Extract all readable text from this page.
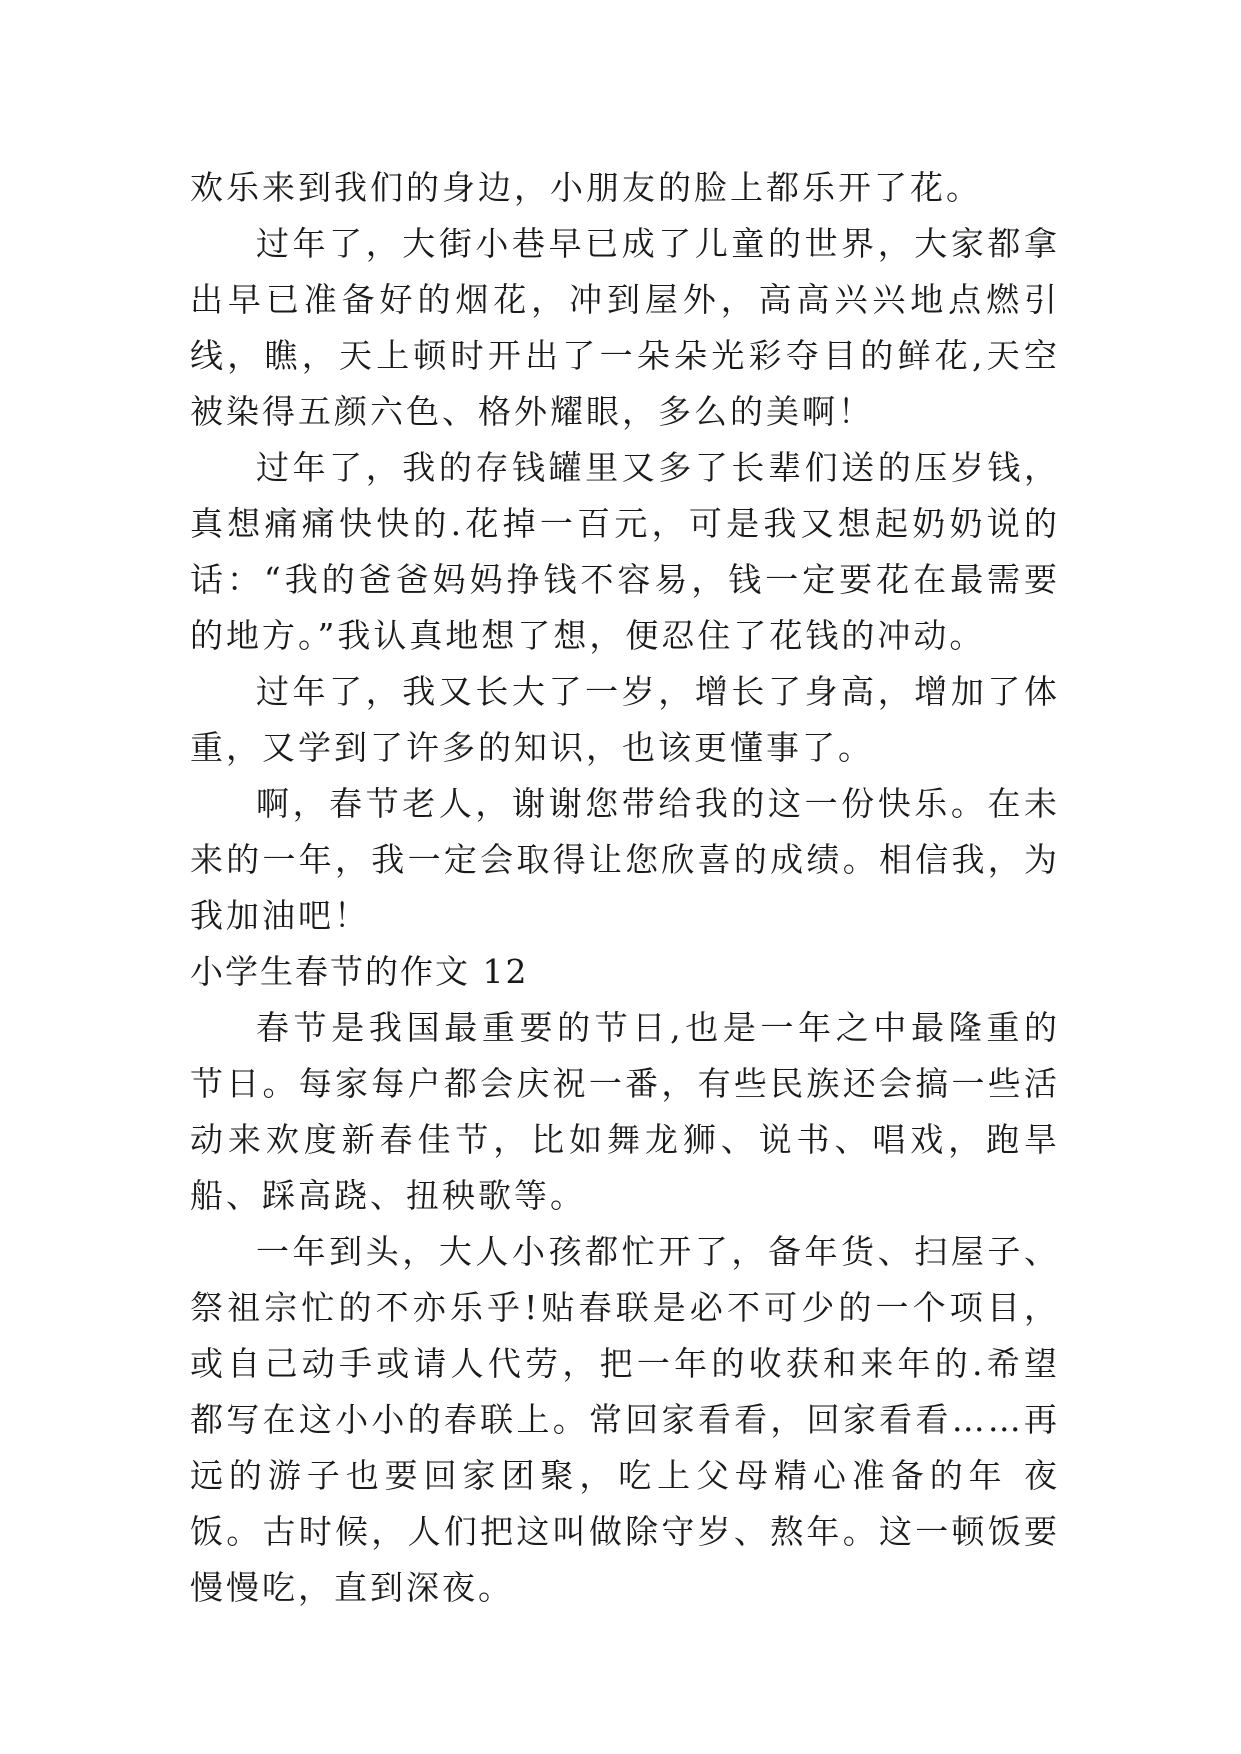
欢乐来到我们的身边，小朋友的脸上都乐开了花。

过年了，大街小巷早已成了儿童的世界，大家都拿出早已准备好的烟花，冲到屋外，高高兴兴地点燃引线，瞧，天上顿时开出了一朵朵光彩夺目的鲜花,天空被染得五颜六色、格外耀眼，多么的美啊！

过年了，我的存钱罐里又多了长辈们送的压岁钱，真想痛痛快快的.花掉一百元，可是我又想起奶奶说的话：“我的爸爸妈妈挣钱不容易，钱一定要花在最需要的地方。”我认真地想了想，便忍住了花钱的冲动。

过年了，我又长大了一岁，增长了身高，增加了体重，又学到了许多的知识，也该更懂事了。

啊，春节老人，谢谢您带给我的这一份快乐。在未来的一年，我一定会取得让您欣喜的成绩。相信我，为我加油吧！

小学生春节的作文 12

春节是我国最重要的节日,也是一年之中最隆重的节日。每家每户都会庆祝一番，有些民族还会搞一些活动来欢度新春佳节，比如舞龙狮、说书、唱戏，跑旱船、踩高跷、扭秧歌等。

一年到头，大人小孩都忙开了，备年货、扫屋子、祭祖宗忙的不亦乐乎!贴春联是必不可少的一个项目，或自己动手或请人代劳，把一年的收获和来年的.希望都写在这小小的春联上。常回家看看，回家看看……再远的游子也要回家团聚，吃上父母精心准备的年 夜 饭。古时候，人们把这叫做除守岁、熬年。这一顿饭要慢慢吃，直到深夜。
